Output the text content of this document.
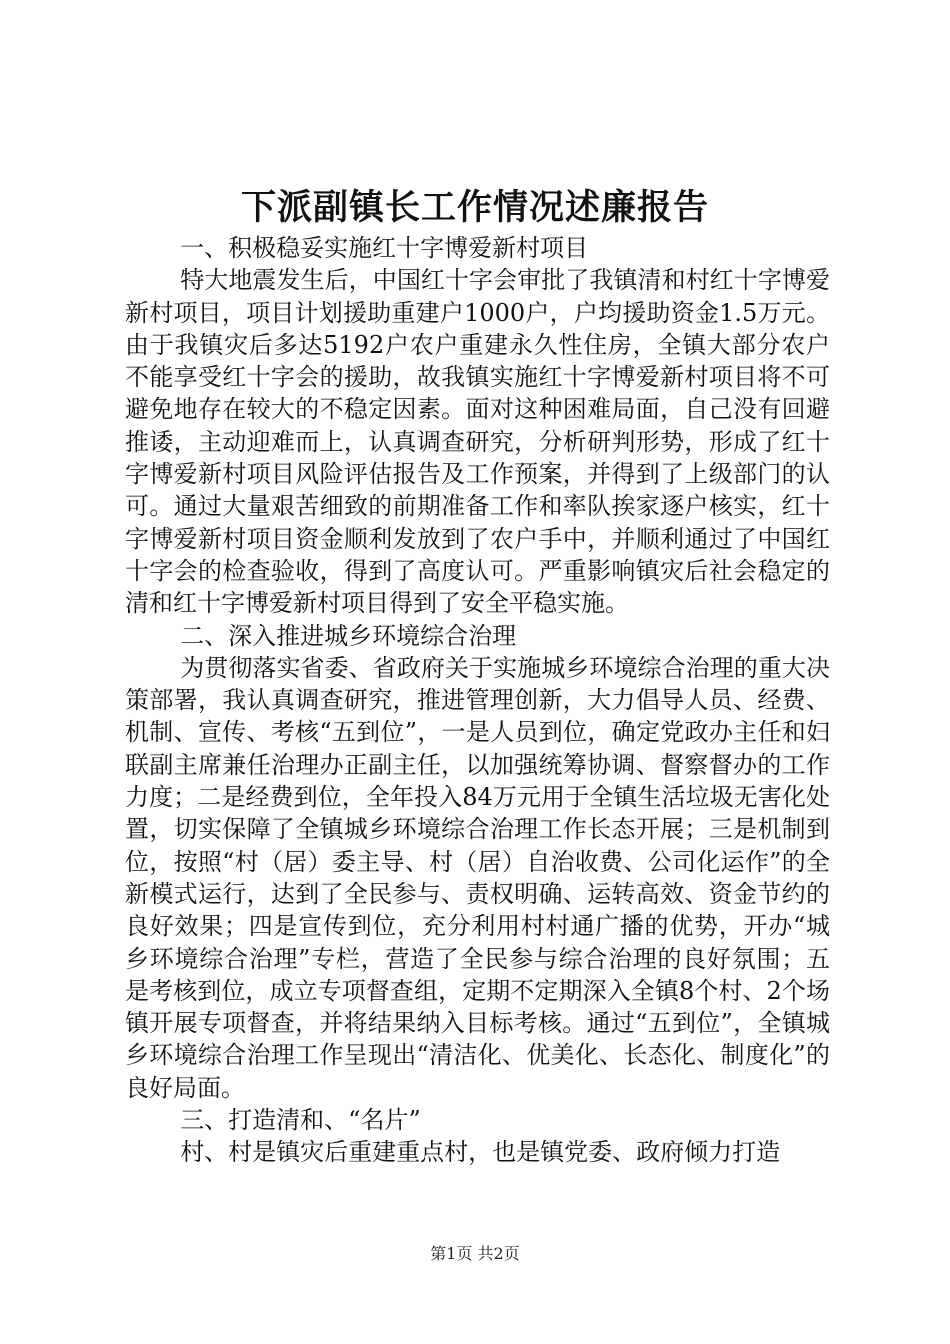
下派副镇长工作情况述廉报告

一、积极稳妥实施红十字博爱新村项目

特大地震发生后，中国红十字会审批了我镇清和村红十字博爱新村项目，项目计划援助重建户1000户，户均援助资金1.5万元。由于我镇灾后多达5192户农户重建永久性住房，全镇大部分农户不能享受红十字会的援助，故我镇实施红十字博爱新村项目将不可避免地存在较大的不稳定因素。面对这种困难局面，自己没有回避推诿，主动迎难而上，认真调查研究，分析研判形势，形成了红十字博爱新村项目风险评估报告及工作预案，并得到了上级部门的认可。通过大量艰苦细致的前期准备工作和率队挨家逐户核实，红十字博爱新村项目资金顺利发放到了农户手中，并顺利通过了中国红十字会的检查验收，得到了高度认可。严重影响镇灾后社会稳定的清和红十字博爱新村项目得到了安全平稳实施。

二、深入推进城乡环境综合治理

为贯彻落实省委、省政府关于实施城乡环境综合治理的重大决策部署，我认真调查研究，推进管理创新，大力倡导人员、经费、机制、宣传、考核“五到位”，一是人员到位，确定党政办主任和妇联副主席兼任治理办正副主任，以加强统筹协调、督察督办的工作力度；二是经费到位，全年投入84万元用于全镇生活垃圾无害化处置，切实保障了全镇城乡环境综合治理工作长态开展；三是机制到位，按照“村（居）委主导、村（居）自治收费、公司化运作”的全新模式运行，达到了全民参与、责权明确、运转高效、资金节约的良好效果；四是宣传到位，充分利用村村通广播的优势，开办“城乡环境综合治理”专栏，营造了全民参与综合治理的良好氛围；五是考核到位，成立专项督查组，定期不定期深入全镇8个村、2个场镇开展专项督查，并将结果纳入目标考核。通过“五到位”，全镇城乡环境综合治理工作呈现出“清洁化、优美化、长态化、制度化”的良好局面。

三、打造清和、“名片”

村、村是镇灾后重建重点村，也是镇党委、政府倾力打造

第1页 共2页
